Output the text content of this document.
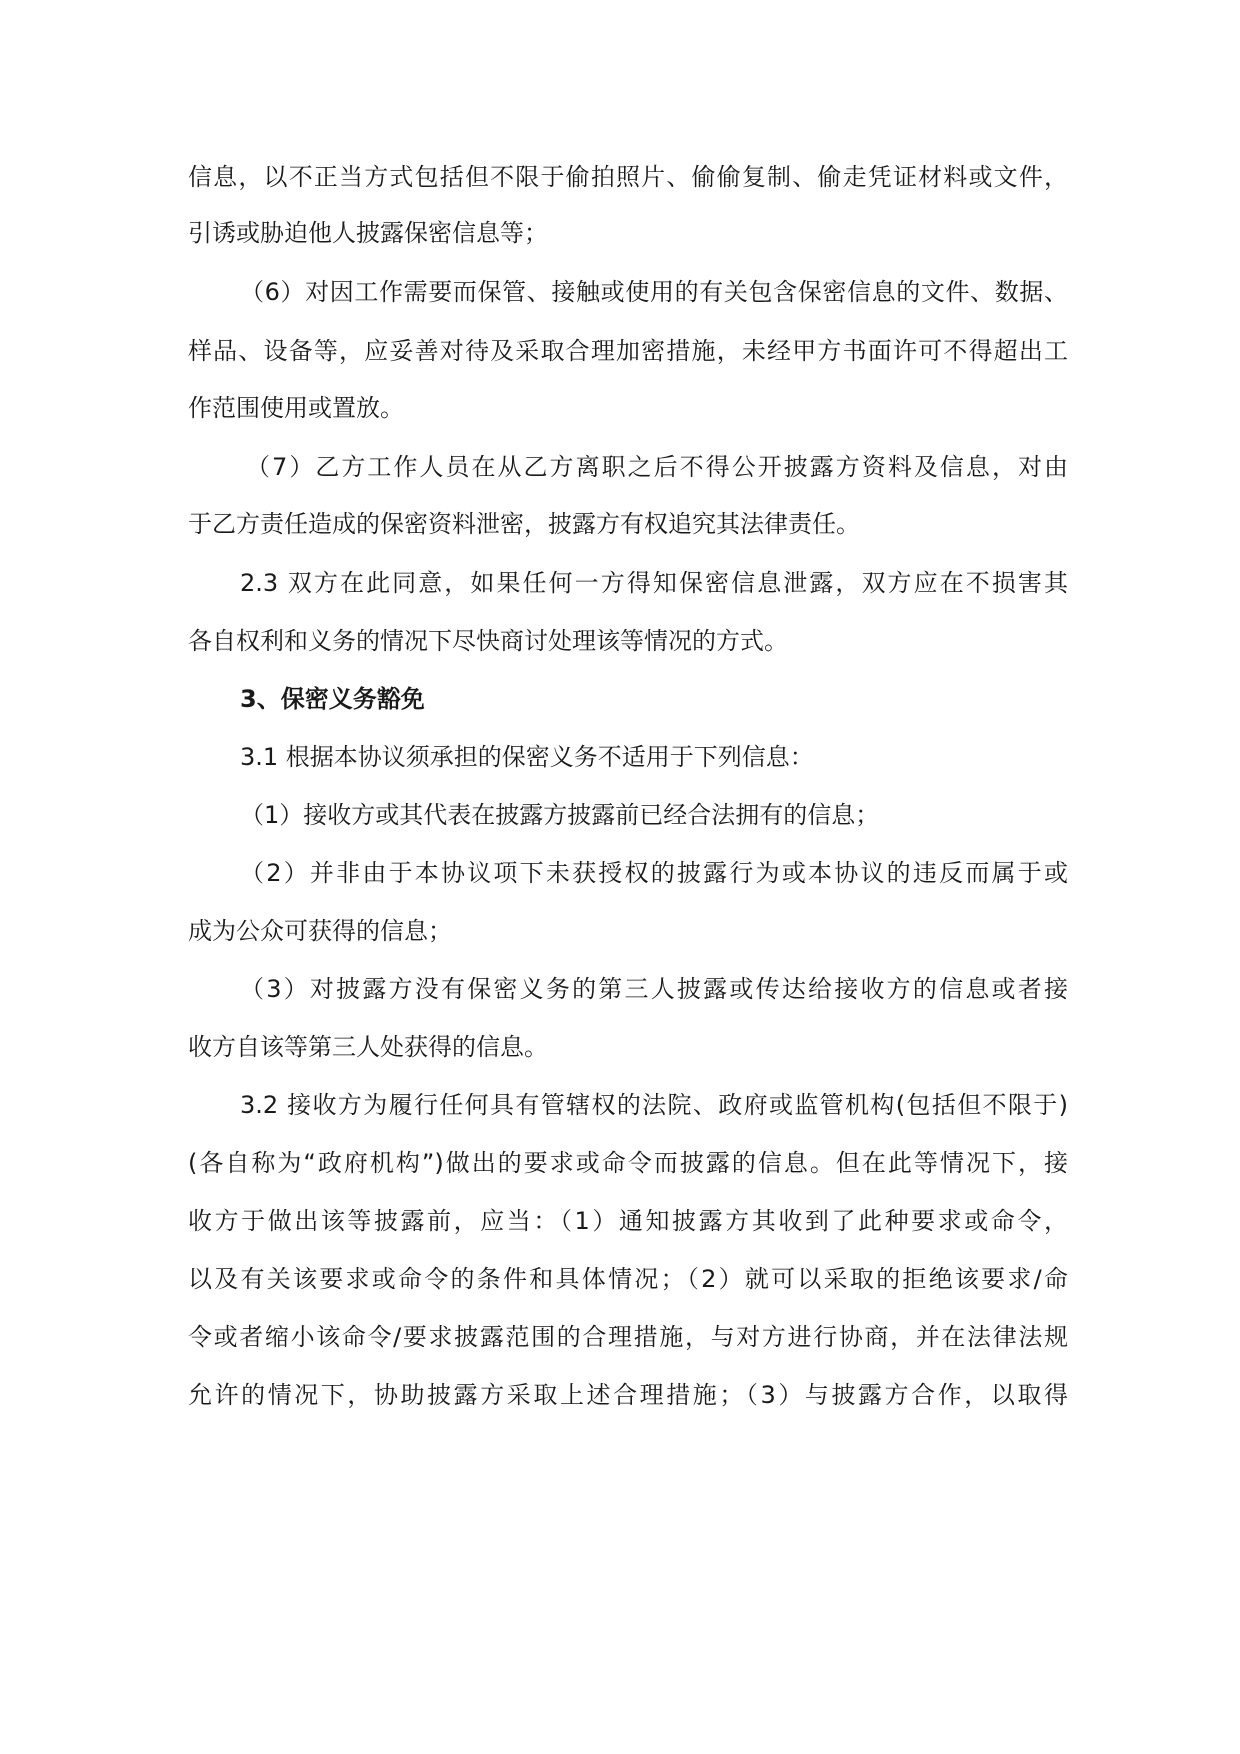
信息，以不正当方式包括但不限于偷拍照片、偷偷复制、偷走凭证材料或文件，
引诱或胁迫他人披露保密信息等；
（6）对因工作需要而保管、接触或使用的有关包含保密信息的文件、数据、
样品、设备等，应妥善对待及采取合理加密措施，未经甲方书面许可不得超出工
作范围使用或置放。
（7）乙方工作人员在从乙方离职之后不得公开披露方资料及信息，对由
于乙方责任造成的保密资料泄密，披露方有权追究其法律责任。
2.3 双方在此同意，如果任何一方得知保密信息泄露，双方应在不损害其
各自权利和义务的情况下尽快商讨处理该等情况的方式。
3、保密义务豁免
3.1 根据本协议须承担的保密义务不适用于下列信息：
（1）接收方或其代表在披露方披露前已经合法拥有的信息；
（2）并非由于本协议项下未获授权的披露行为或本协议的违反而属于或
成为公众可获得的信息；
（3）对披露方没有保密义务的第三人披露或传达给接收方的信息或者接
收方自该等第三人处获得的信息。
3.2 接收方为履行任何具有管辖权的法院、政府或监管机构(包括但不限于)
(各自称为“政府机构”)做出的要求或命令而披露的信息。但在此等情况下，接
收方于做出该等披露前，应当：（1）通知披露方其收到了此种要求或命令，
以及有关该要求或命令的条件和具体情况；（2）就可以采取的拒绝该要求/命
令或者缩小该命令/要求披露范围的合理措施，与对方进行协商，并在法律法规
允许的情况下，协助披露方采取上述合理措施；（3）与披露方合作，以取得
